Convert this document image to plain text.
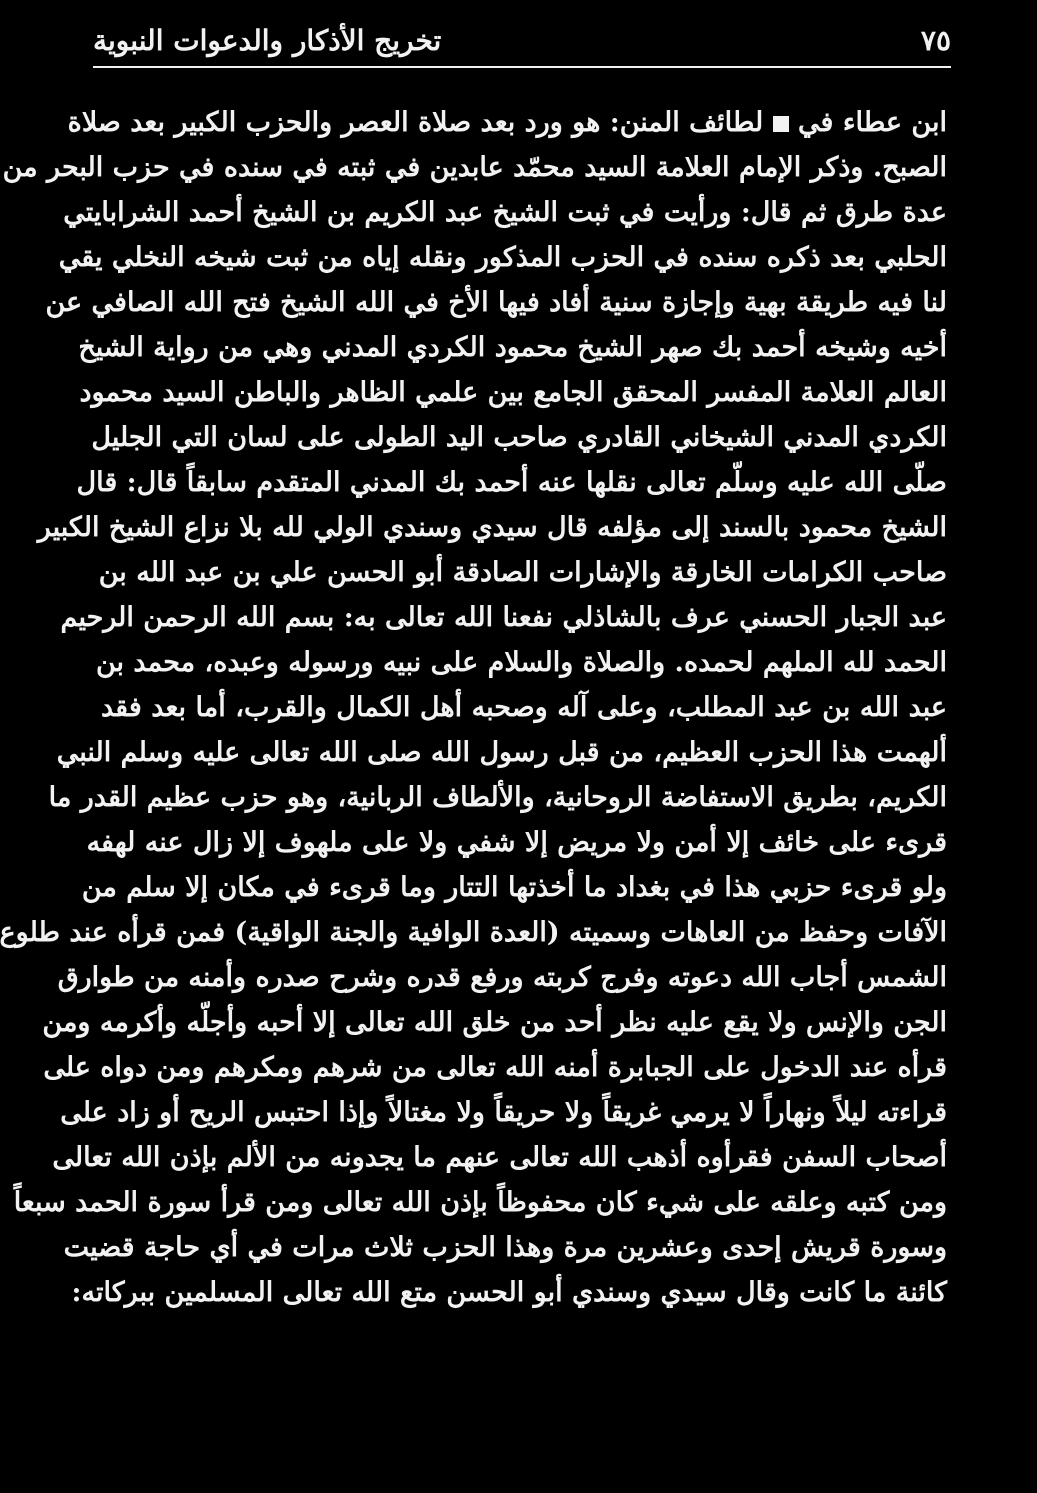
تخريج الأذكار والدعوات النبوية	٧٥
ابن عطاء في  لطائف المنن: هو ورد بعد صلاة العصر والحزب الكبير بعد صلاة
الصبح. وذكر الإمام العلامة السيد محمّد عابدين في ثبته في سنده في حزب البحر من
عدة طرق ثم قال: ورأيت في ثبت الشيخ عبد الكريم بن الشيخ أحمد الشرابايتي
الحلبي بعد ذكره سنده في الحزب المذكور ونقله إياه من ثبت شيخه النخلي يقي
لنا فيه طريقة بهية وإجازة سنية أفاد فيها الأخ في الله الشيخ فتح الله الصافي عن
أخيه وشيخه أحمد بك صهر الشيخ محمود الكردي المدني وهي من رواية الشيخ
العالم العلامة المفسر المحقق الجامع بين علمي الظاهر والباطن السيد محمود
الكردي المدني الشيخاني القادري صاحب اليد الطولى على لسان التي الجليل
صلّى الله عليه وسلّم تعالى نقلها عنه أحمد بك المدني المتقدم سابقاً قال: قال
الشيخ محمود بالسند إلى مؤلفه قال سيدي وسندي الولي لله بلا نزاع الشيخ الكبير
صاحب الكرامات الخارقة والإشارات الصادقة أبو الحسن علي بن عبد الله بن
عبد الجبار الحسني عرف بالشاذلي نفعنا الله تعالى به: بسم الله الرحمن الرحيم
الحمد لله الملهم لحمده. والصلاة والسلام على نبيه ورسوله وعبده، محمد بن
عبد الله بن عبد المطلب، وعلى آله وصحبه أهل الكمال والقرب، أما بعد فقد
ألهمت هذا الحزب العظيم، من قبل رسول الله صلى الله تعالى عليه وسلم النبي
الكريم، بطريق الاستفاضة الروحانية، والألطاف الربانية، وهو حزب عظيم القدر ما
قرىء على خائف إلا أمن ولا مريض إلا شفي ولا على ملهوف إلا زال عنه لهفه
ولو قرىء حزبي هذا في بغداد ما أخذتها التتار وما قرىء في مكان إلا سلم من
الآفات وحفظ من العاهات وسميته (العدة الوافية والجنة الواقية) فمن قرأه عند طلوع
الشمس أجاب الله دعوته وفرج كربته ورفع قدره وشرح صدره وأمنه من طوارق
الجن والإنس ولا يقع عليه نظر أحد من خلق الله تعالى إلا أحبه وأجلّه وأكرمه ومن
قرأه عند الدخول على الجبابرة أمنه الله تعالى من شرهم ومكرهم ومن دواه على
قراءته ليلاً ونهاراً لا يرمي غريقاً ولا حريقاً ولا مغتالاً وإذا احتبس الريح أو زاد على
أصحاب السفن فقرأوه أذهب الله تعالى عنهم ما يجدونه من الألم بإذن الله تعالى
ومن كتبه وعلقه على شيء كان محفوظاً بإذن الله تعالى ومن قرأ سورة الحمد سبعاً
وسورة قريش إحدى وعشرين مرة وهذا الحزب ثلاث مرات في أي حاجة قضيت
كائنة ما كانت وقال سيدي وسندي أبو الحسن متع الله تعالى المسلمين ببركاته:
